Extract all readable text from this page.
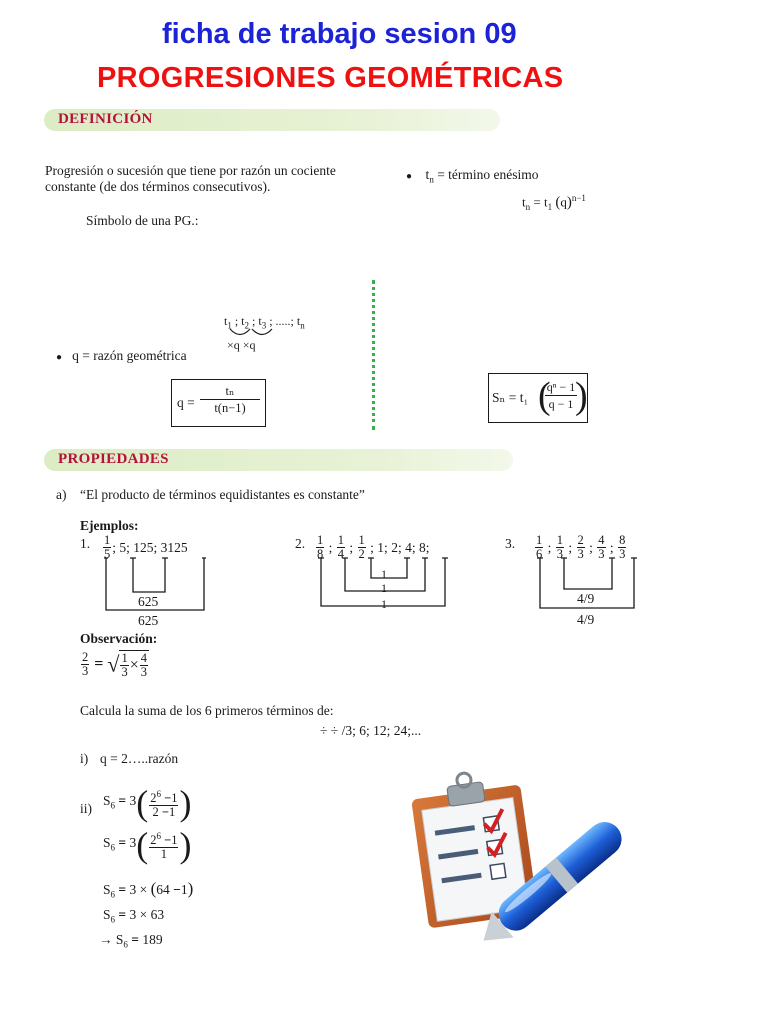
ficha de trabajo sesion 09
PROGRESIONES GEOMÉTRICAS
DEFINICIÓN
Progresión o sucesión que tiene por razón un cociente
constante (de dos términos consecutivos).
Símbolo de una PG.:
● $t_n$ = término enésimo
$t_n = t_1$ $(q)^{n-1}$
$t_1$ ; $t_2$ ; $t_3$ ; .....; $t_n$
×q ×q
● q = razón geométrica
q =
tₙ
t(n−1)
Sₙ = t₁ (
qⁿ − 1
q − 1 )
PROPIEDADES
a) “El producto de términos equidistantes es constante”
Ejemplos:
1. $\frac{1}{5}$ ; 5; 125; 3125
625
625
2. $\frac{1}{8}$ ; $\frac{1}{4}$ ; $\frac{1}{2}$ ; 1; 2; 4; 8;
1
1
1
3. $\frac{1}{6}$ ; $\frac{1}{3}$ ; $\frac{2}{3}$ ; $\frac{4}{3}$ ; $\frac{8}{3}$
4/9
4/9
Observación:
$\frac{2}{3}$ = √ $\frac{1}{3} \times \frac{4}{3}$
Calcula la suma de los 6 primeros términos de:
÷ ÷ /3; 6; 12; 24;...
i) q = 2…..razón
ii)
$S_6 = 3( \frac{2^6 -1}{2 -1}$ )
$S_6 = 3( \frac{2^6 -1}{1}$ )
$S_6 = 3 \times (64 -1)$
$S_6 = 3 \times 63$
→ $S_6 = 189$
